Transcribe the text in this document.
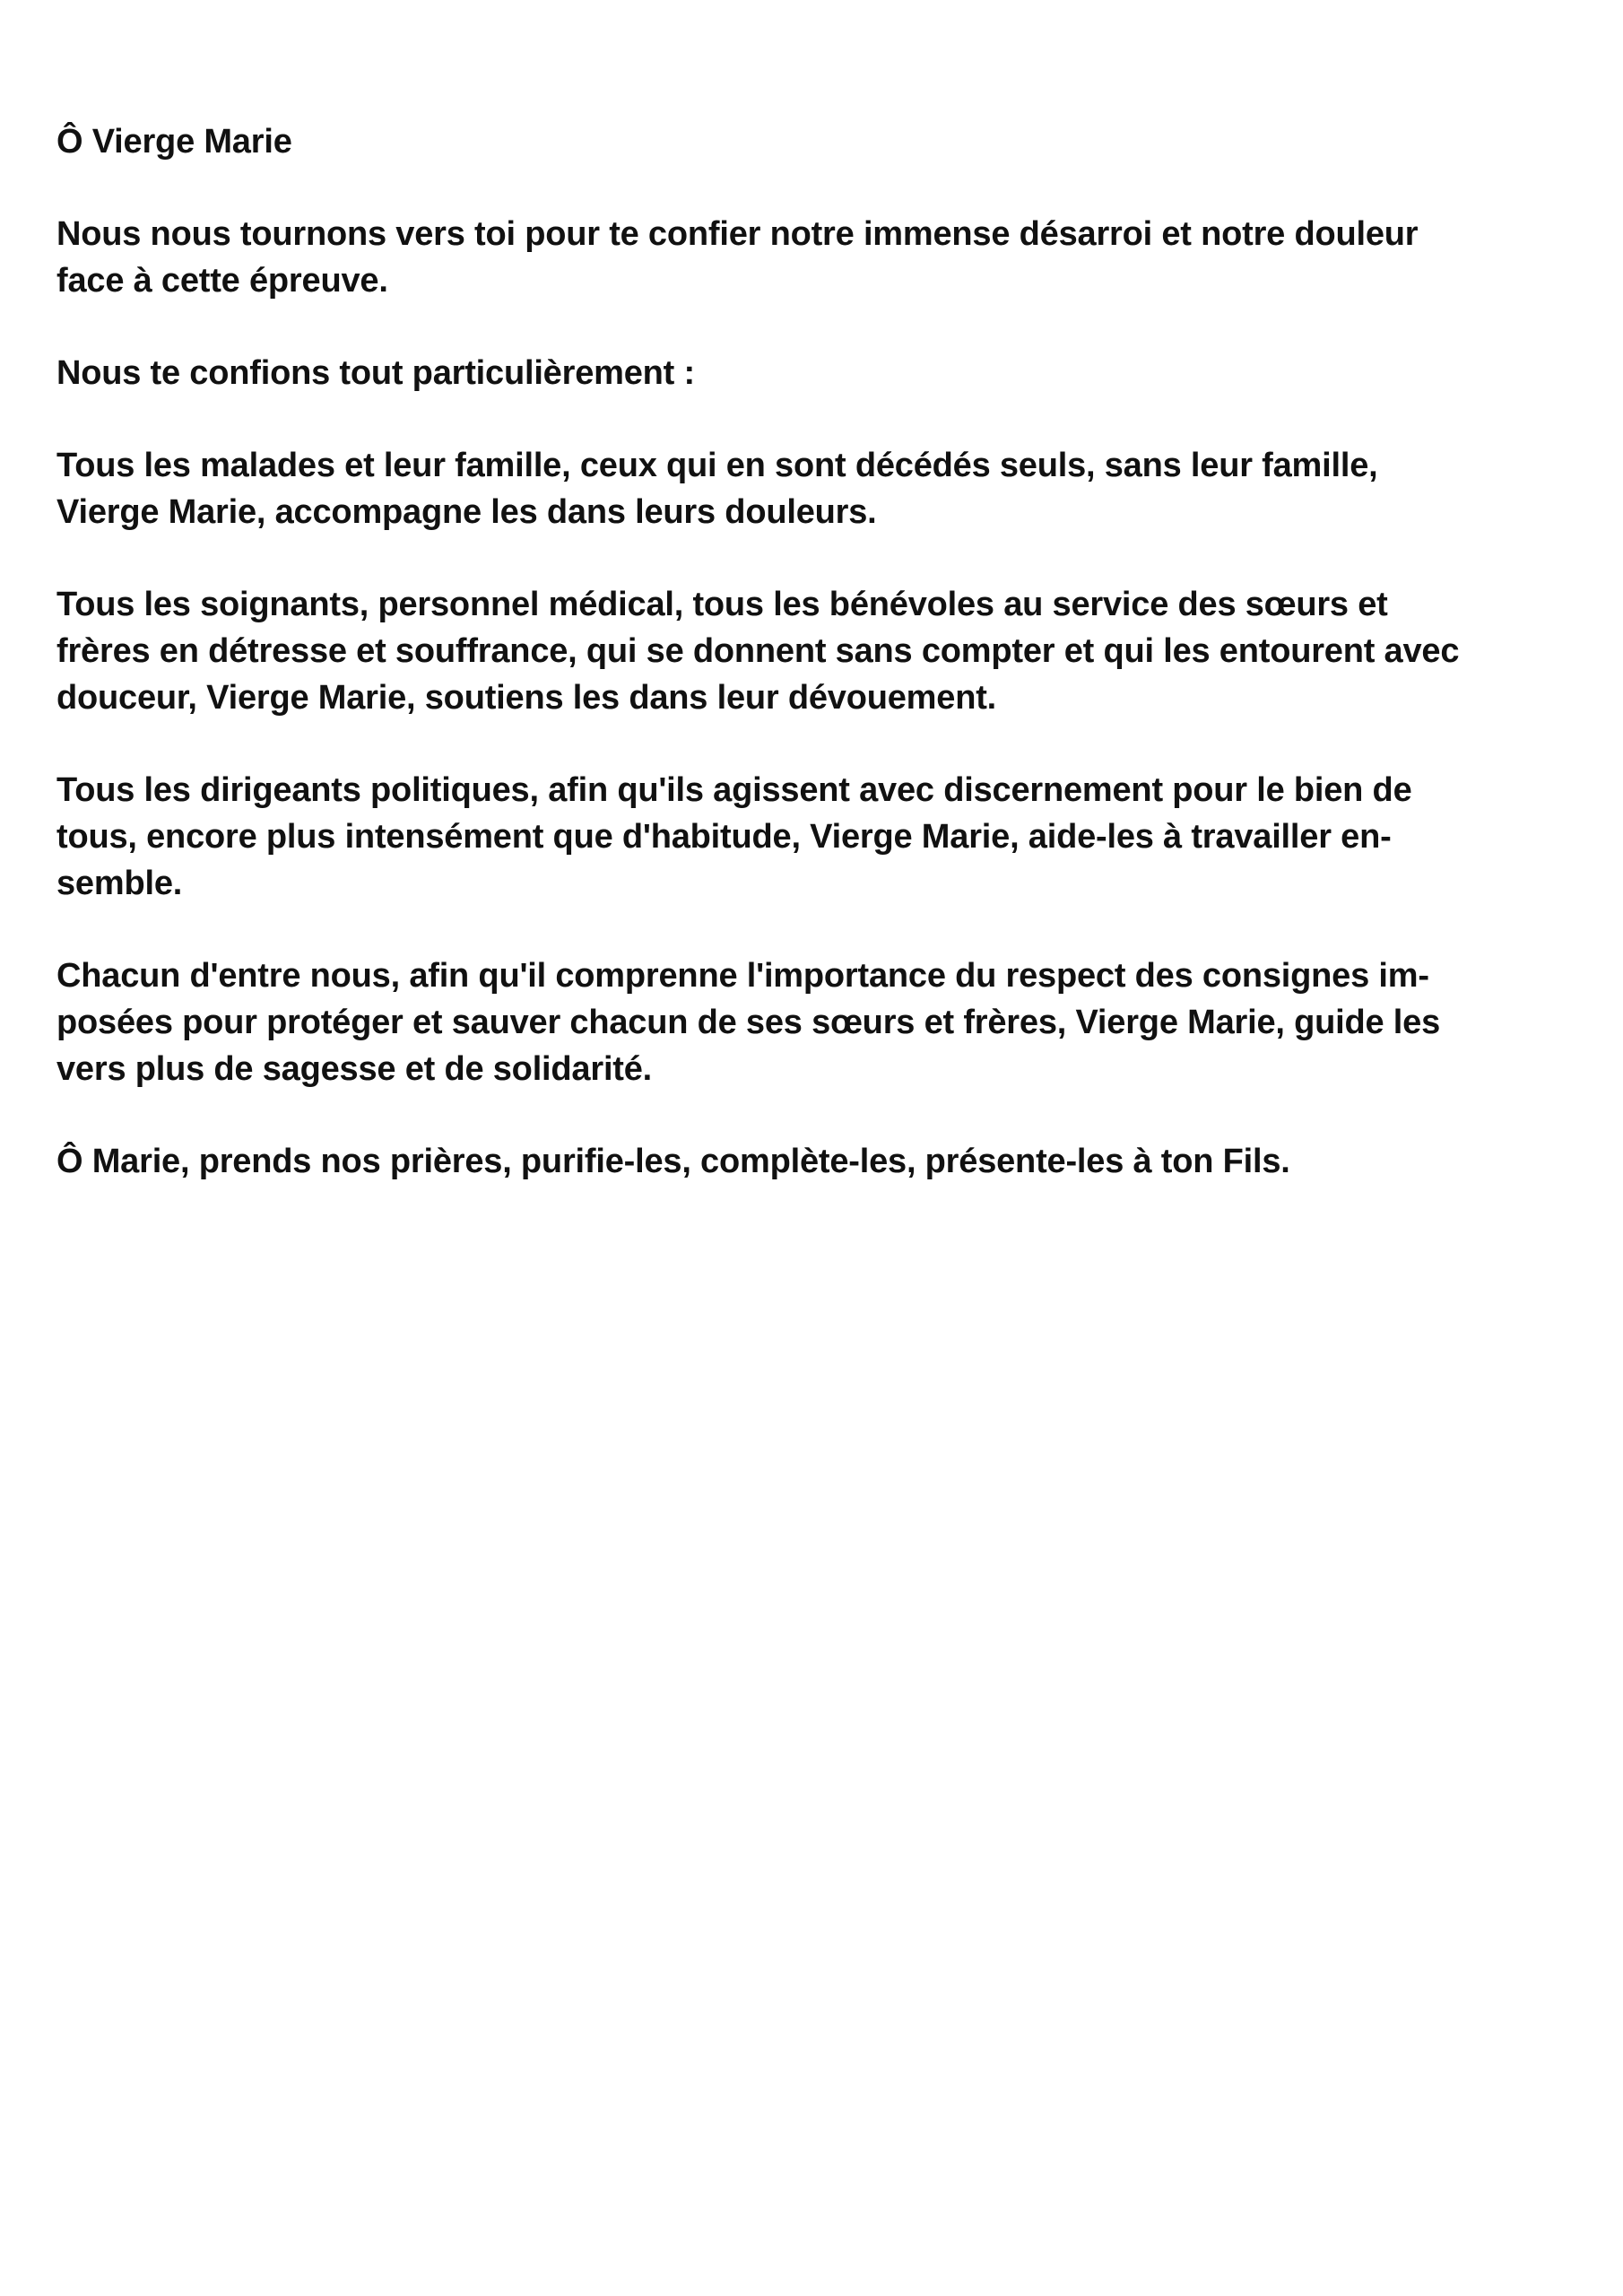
Ô Vierge Marie

Nous nous tournons vers toi pour te confier notre immense désarroi et notre douleur
face à cette épreuve.

Nous te confions tout particulièrement :

Tous les malades et leur famille, ceux qui en sont décédés seuls, sans leur famille,
Vierge Marie, accompagne les dans leurs douleurs.

Tous les soignants, personnel médical, tous les bénévoles au service des sœurs et
frères en détresse et souffrance, qui se donnent sans compter et qui les entourent avec
douceur, Vierge Marie, soutiens les dans leur dévouement.

Tous les dirigeants politiques, afin qu'ils agissent avec discernement pour le bien de
tous, encore plus intensément que d'habitude, Vierge Marie, aide-les à travailler en-
semble.

Chacun d'entre nous, afin qu'il comprenne l'importance du respect des consignes im-
posées pour protéger et sauver chacun de ses sœurs et frères, Vierge Marie, guide les
vers plus de sagesse et de solidarité.

Ô Marie, prends nos prières, purifie-les, complète-les, présente-les à ton Fils.
